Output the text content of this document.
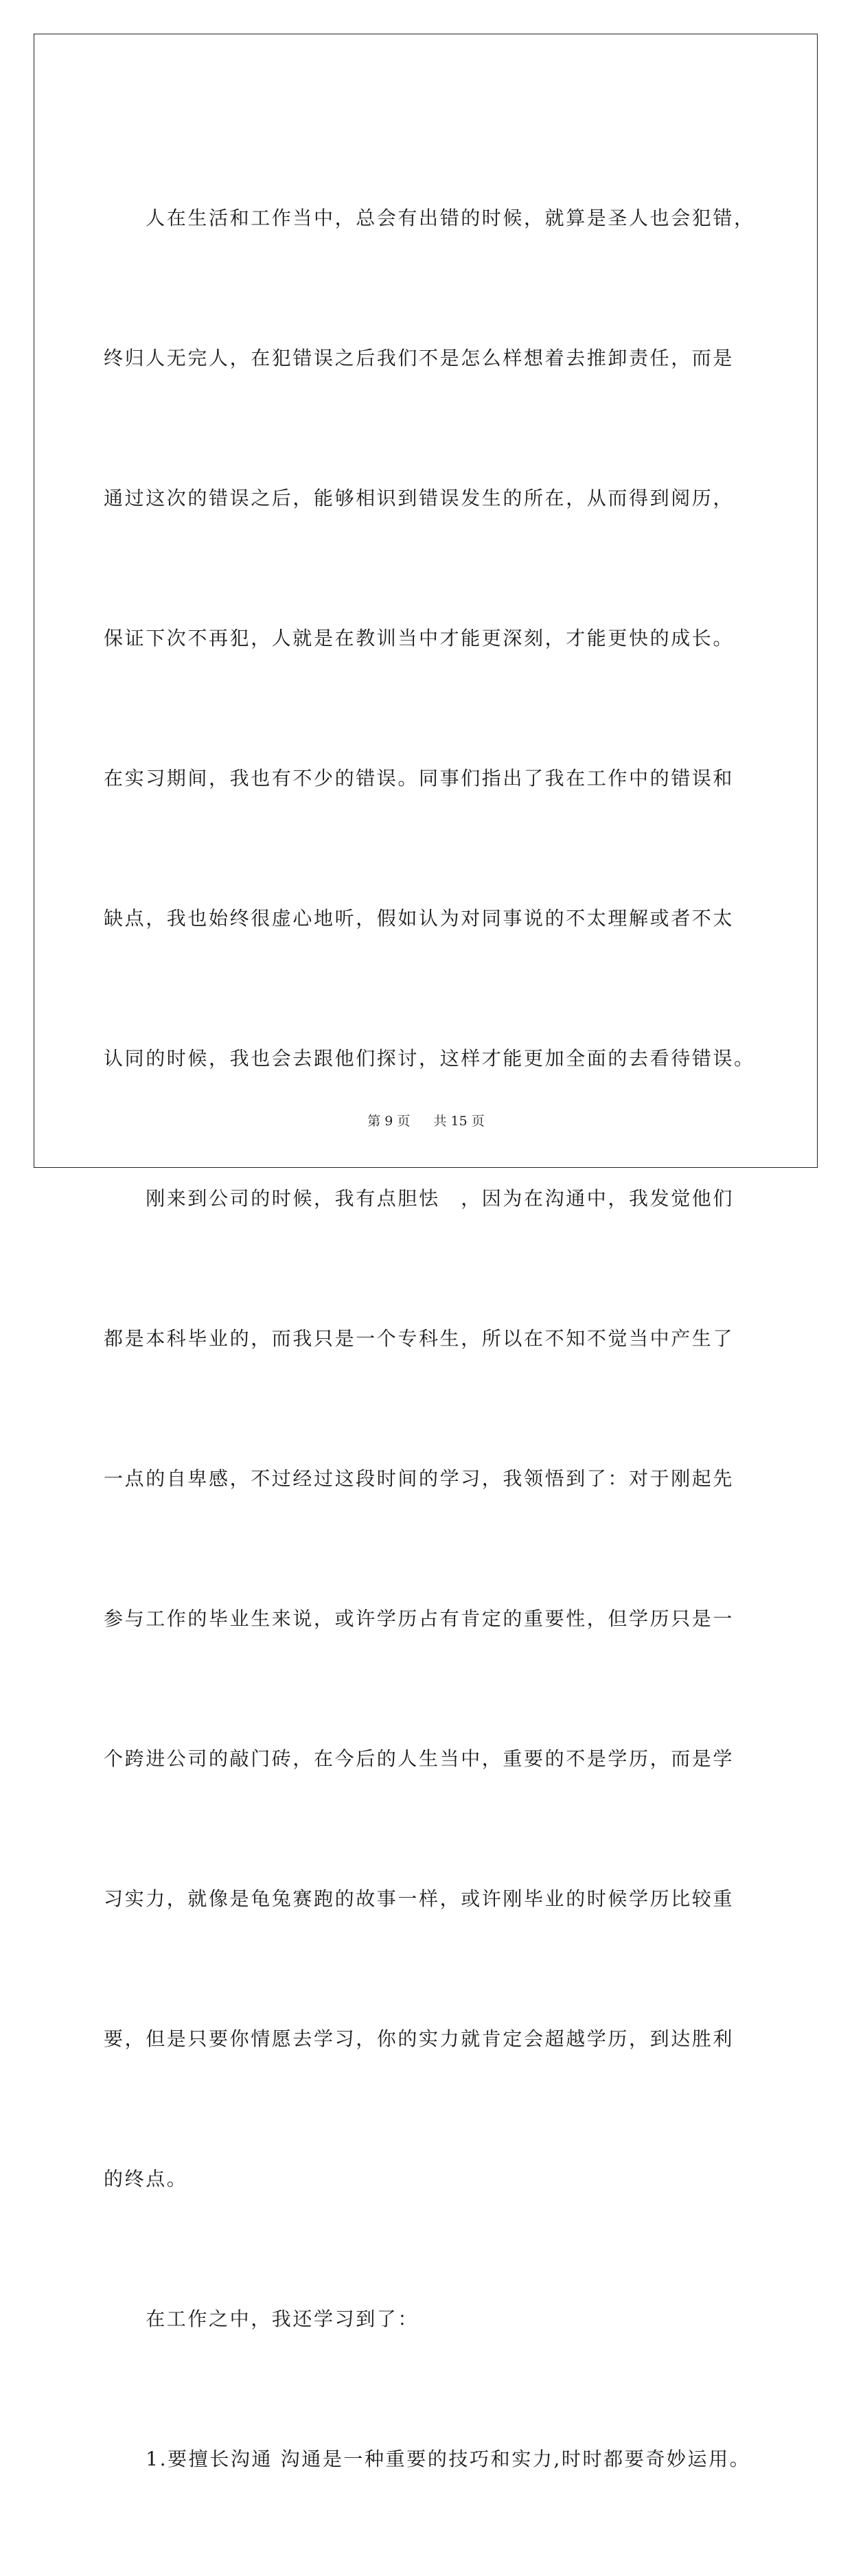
　　人在生活和工作当中，总会有出错的时候，就算是圣人也会犯错，

终归人无完人，在犯错误之后我们不是怎么样想着去推卸责任，而是

通过这次的错误之后，能够相识到错误发生的所在，从而得到阅历，

保证下次不再犯，人就是在教训当中才能更深刻，才能更快的成长。

在实习期间，我也有不少的错误。同事们指出了我在工作中的错误和

缺点，我也始终很虚心地听，假如认为对同事说的不太理解或者不太

认同的时候，我也会去跟他们探讨，这样才能更加全面的去看待错误。

　　刚来到公司的时候，我有点胆怯　，因为在沟通中，我发觉他们

都是本科毕业的，而我只是一个专科生，所以在不知不觉当中产生了

一点的自卑感，不过经过这段时间的学习，我领悟到了：对于刚起先

参与工作的毕业生来说，或许学历占有肯定的重要性，但学历只是一

个跨进公司的敲门砖，在今后的人生当中，重要的不是学历，而是学

习实力，就像是龟兔赛跑的故事一样，或许刚毕业的时候学历比较重

要，但是只要你情愿去学习，你的实力就肯定会超越学历，到达胜利

的终点。

　　在工作之中，我还学习到了：

　　1.要擅长沟通 沟通是一种重要的技巧和实力,时时都要奇妙运用。

第 9 页 共 15 页
